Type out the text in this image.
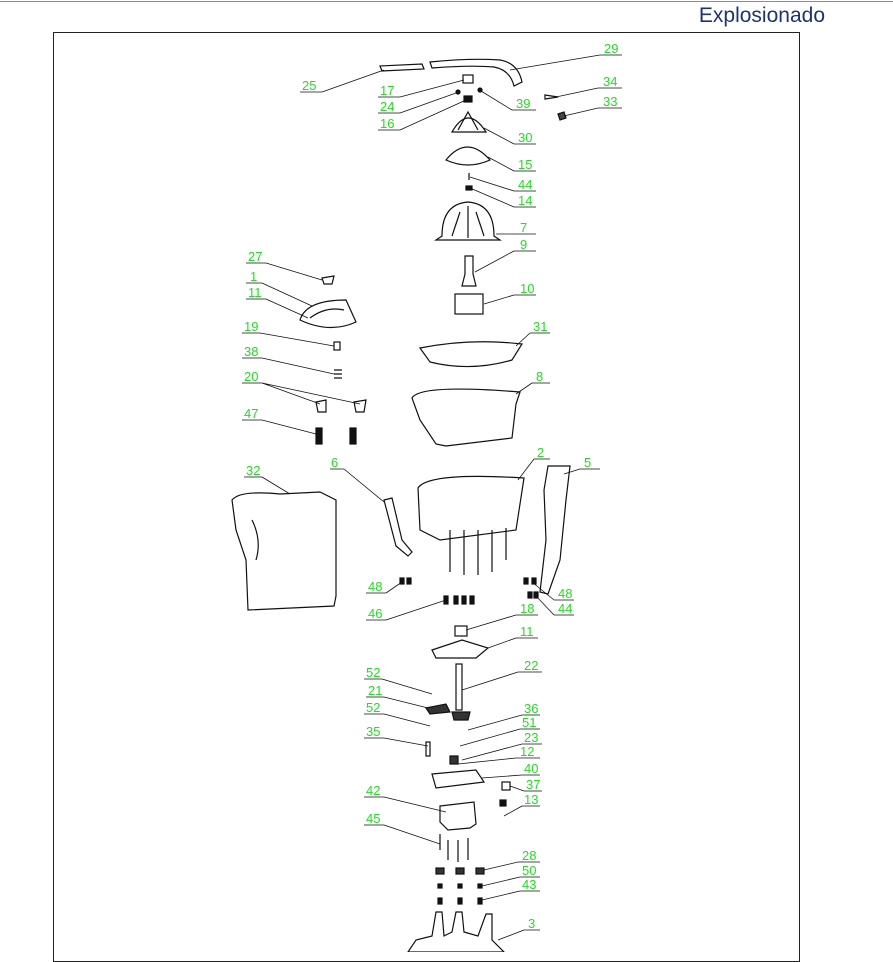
Explosionado
29
25	34
17
24	39	33
16
30
15
44
14
7
9
27
1
11	10
19	31
38
8
20
47
2
5
32
6
48	48
46	44
18
11
22
52
21
52	36
51
35	23
12
40
37
42
13
45
28
50
43
3
